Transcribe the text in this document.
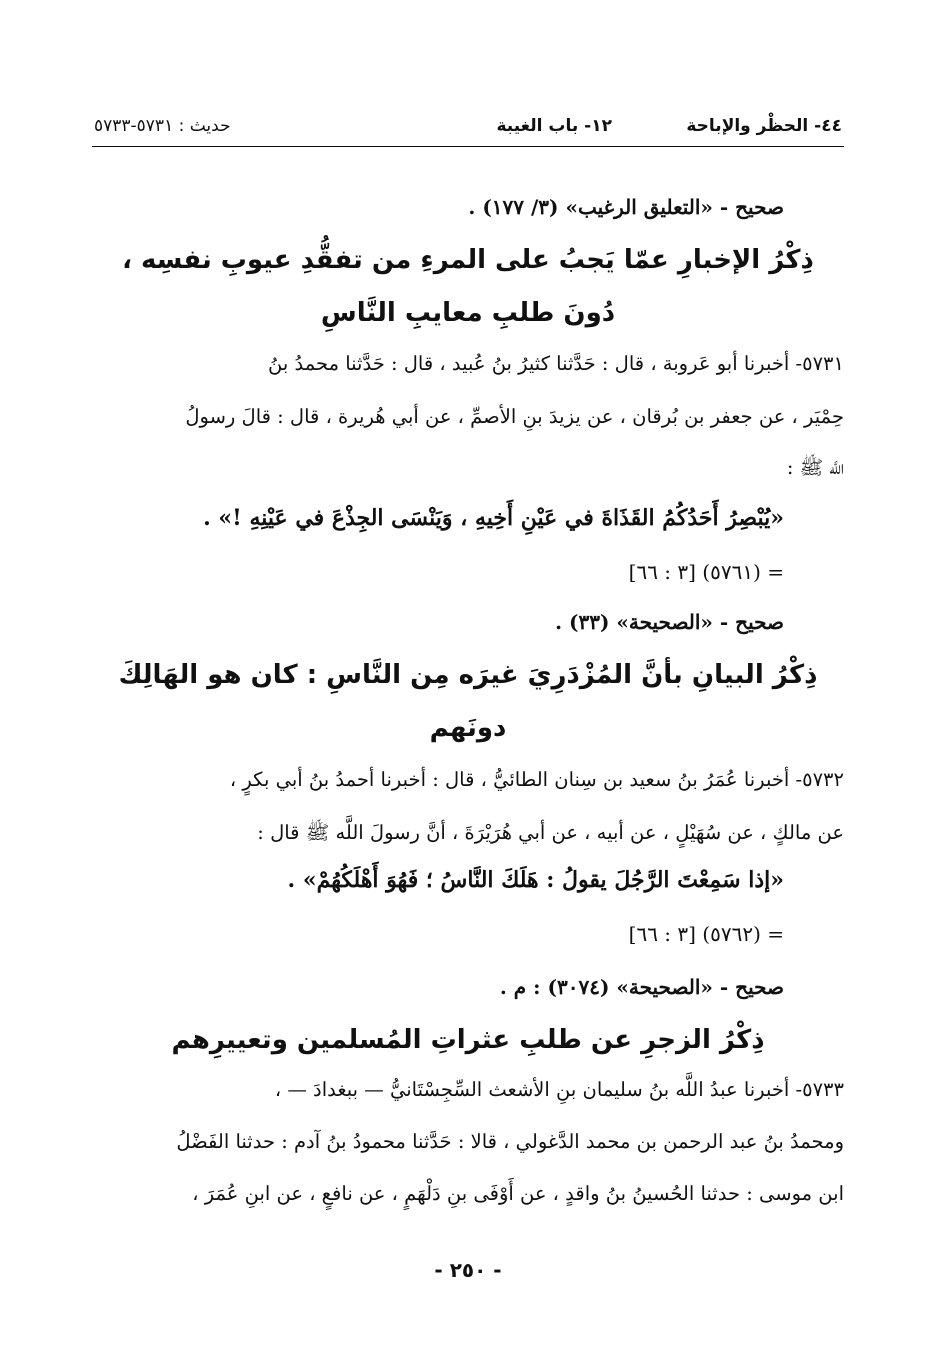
٤٤- الحظْر والإباحة
١٢- باب الغيبة
حديث : ٥٧٣١-٥٧٣٣
صحيح - «التعليق الرغيب» (٣/ ١٧٧) .
ذِكْرُ الإخبارِ عمّا يَجبُ على المرءِ من تفقُّدِ عيوبِ نفسِه ،
دُونَ طلبِ معايبِ النَّاسِ
٥٧٣١- أخبرنا أبو عَروبة ، قال : حَدَّثنا كثيرُ بنُ عُبيد ، قال : حَدَّثنا محمدُ بنُ
حِمْيَر ، عن جعفر بن بُرقان ، عن يزيدَ بنِ الأصمِّ ، عن أبي هُريرة ، قال : قالَ رسولُ
اللَّه ﷺ :
«يُبْصِرُ أَحَدُكُمُ القَذَاةَ في عَيْنِ أَخِيهِ ، وَيَنْسَى الجِذْعَ في عَيْنِهِ !» .
= (٥٧٦١) [٣ : ٦٦]
صحيح - «الصحيحة» (٣٣) .
ذِكْرُ البيانِ بأنَّ المُزْدَرِيَ غيرَه مِن النَّاسِ : كان هو الهَالِكَ
دونَهم
٥٧٣٢- أخبرنا عُمَرُ بنُ سعيد بن سِنان الطائيُّ ، قال : أخبرنا أحمدُ بنُ أبي بكرٍ ،
عن مالكٍ ، عن سُهَيْلٍ ، عن أبيه ، عن أبي هُرَيْرَةَ ، أنَّ رسولَ اللَّه ﷺ قال :
«إذا سَمِعْتَ الرَّجُلَ يقولُ : هَلَكَ النَّاسُ ؛ فَهُوَ أَهْلَكُهُمْ» .
= (٥٧٦٢) [٣ : ٦٦]
صحيح - «الصحيحة» (٣٠٧٤) : م .
ذِكْرُ الزجرِ عن طلبِ عثراتِ المُسلمين وتعييرِهم
٥٧٣٣- أخبرنا عبدُ اللَّه بنُ سليمان بنِ الأشعث السِّجِسْتَانيُّ — ببغدادَ — ،
ومحمدُ بنُ عبد الرحمن بن محمد الدَّغولي ، قالا : حَدَّثنا محمودُ بنُ آدم : حدثنا الفَضْلُ
ابن موسى : حدثنا الحُسينُ بنُ واقدٍ ، عن أَوْفَى بنِ دَلْهَمٍ ، عن نافعٍ ، عن ابنِ عُمَرَ ،
- ٢٥٠ -
